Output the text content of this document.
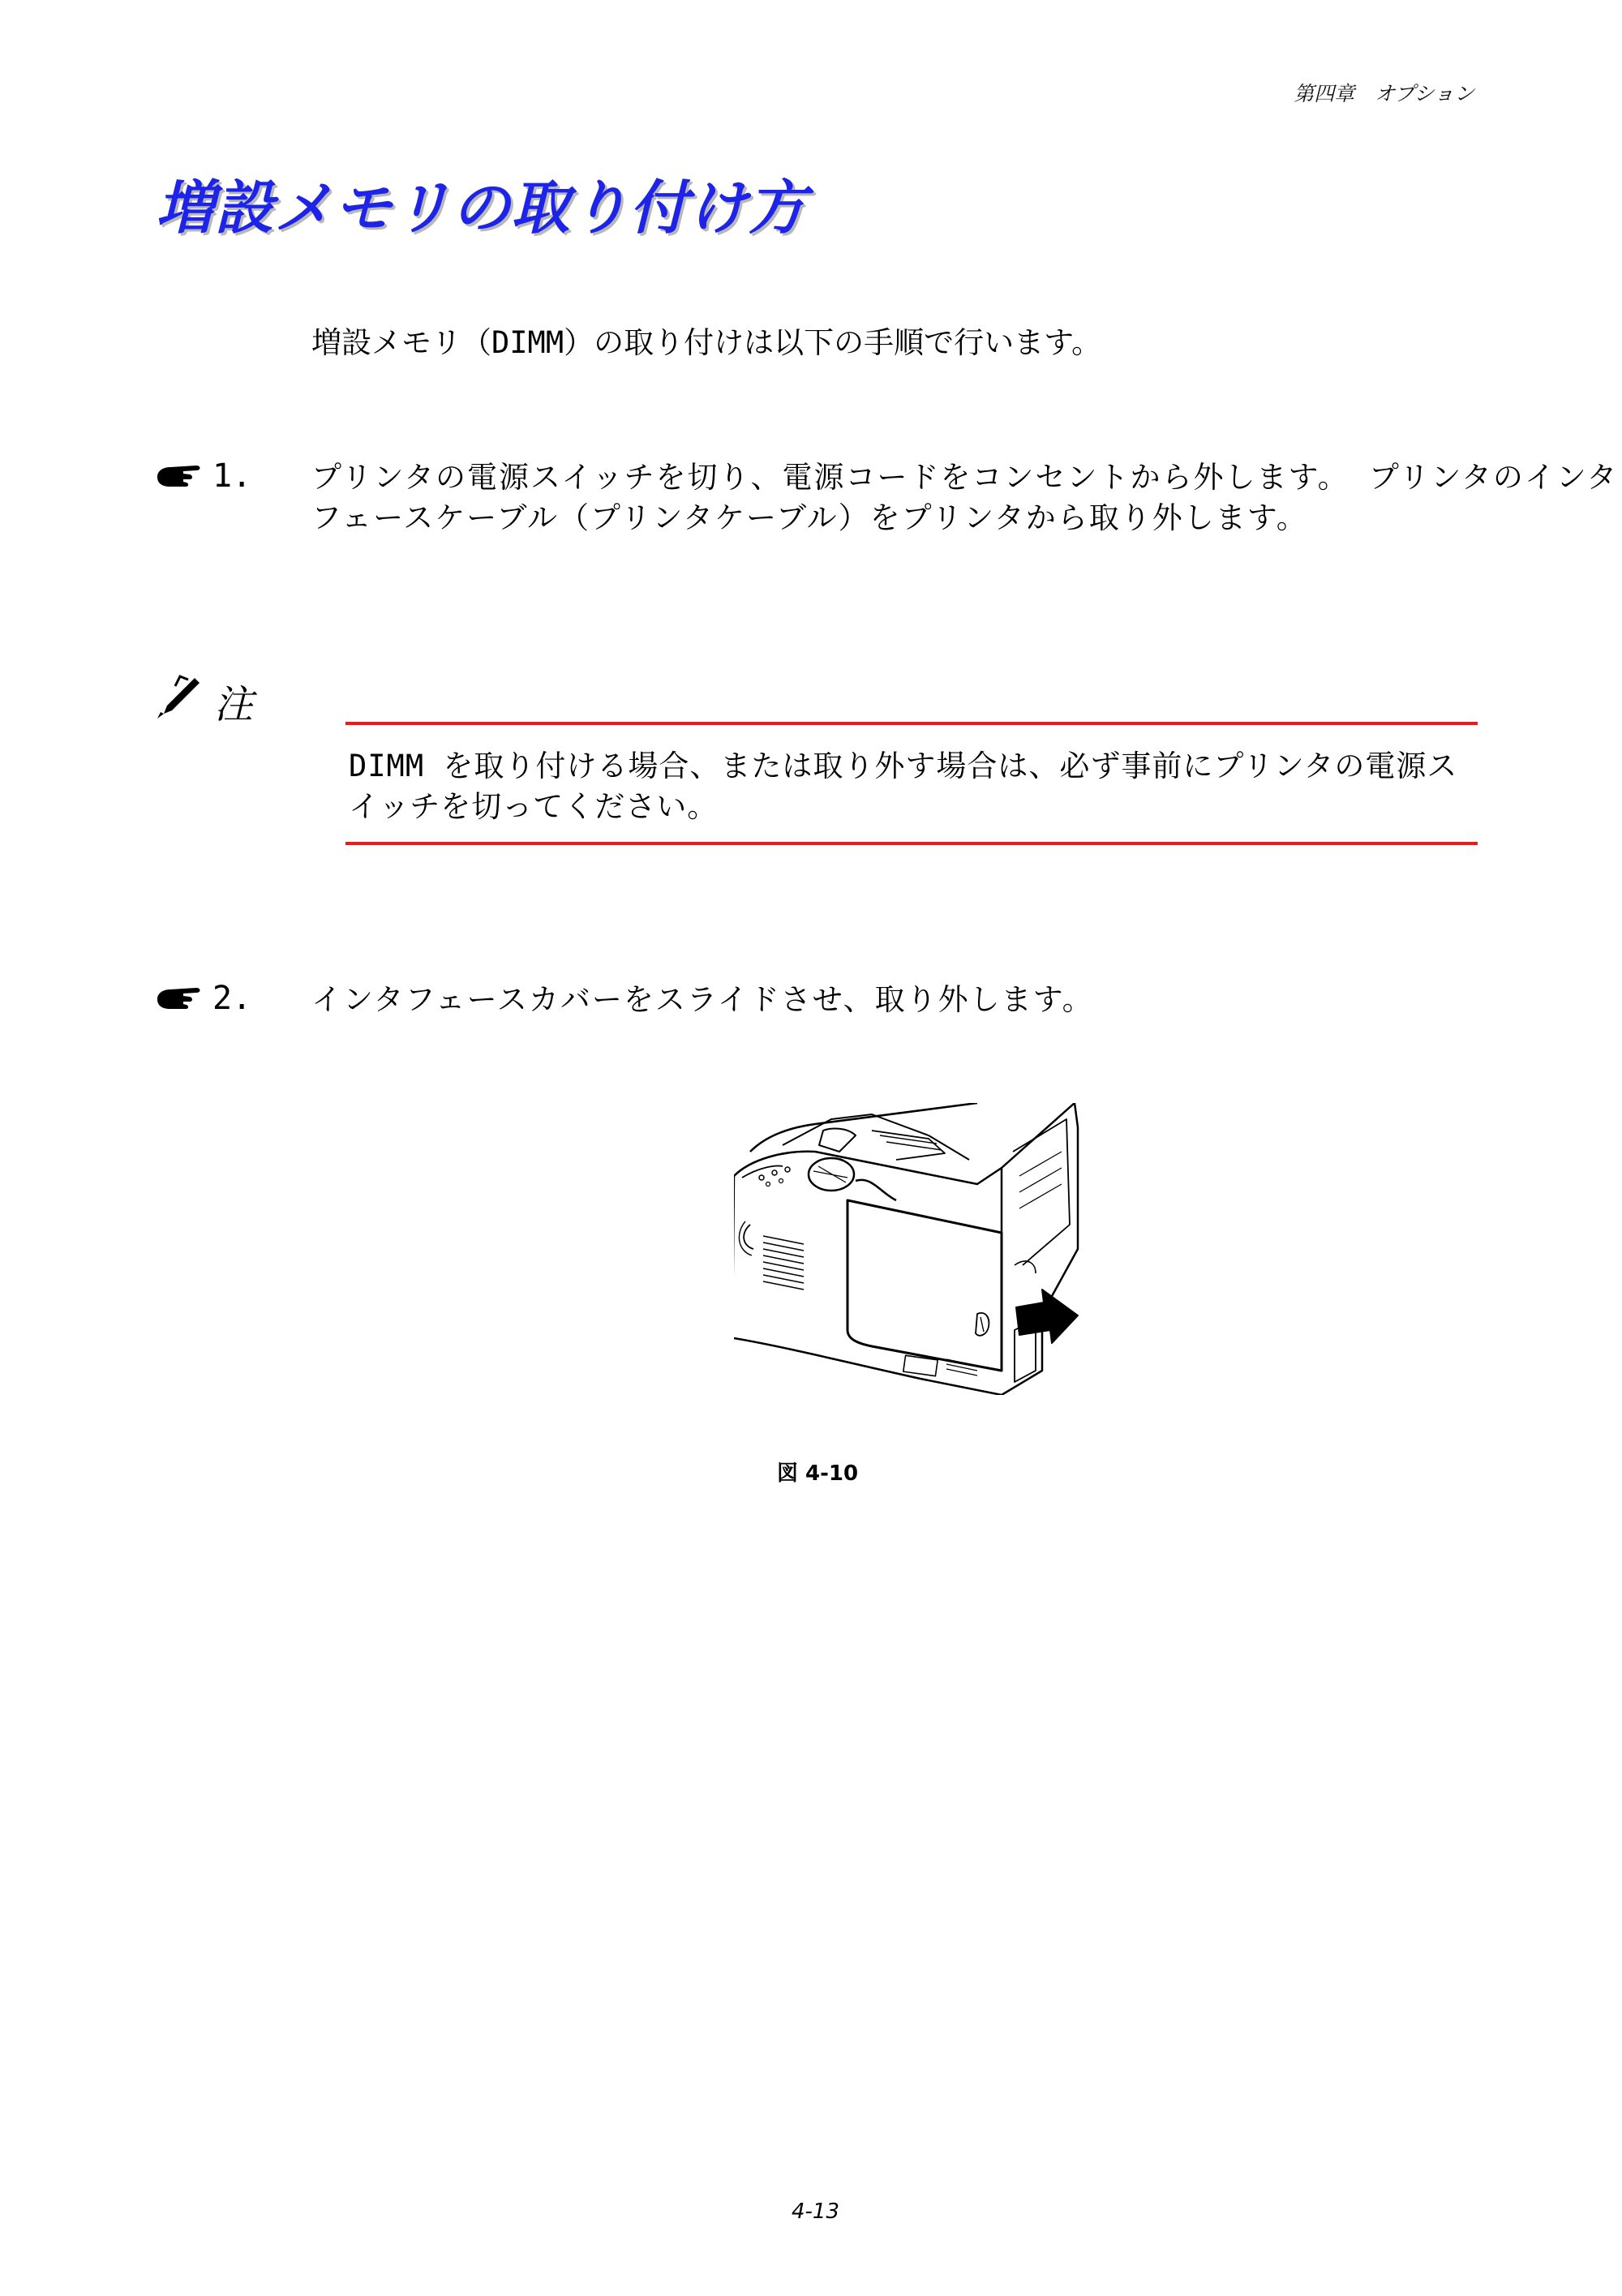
第四章　オプション
増設メモリの取り付け方
増設メモリ（DIMM）の取り付けは以下の手順で行います。
1. プリンタの電源スイッチを切り、電源コードをコンセントから外します。 プリンタのインタフェースケーブル（プリンタケーブル）をプリンタから取り外します。
注
DIMM を取り付ける場合、または取り外す場合は、必ず事前にプリンタの電源スイッチを切ってください。
2. インタフェースカバーをスライドさせ、取り外します。
図 4-10
4-13
